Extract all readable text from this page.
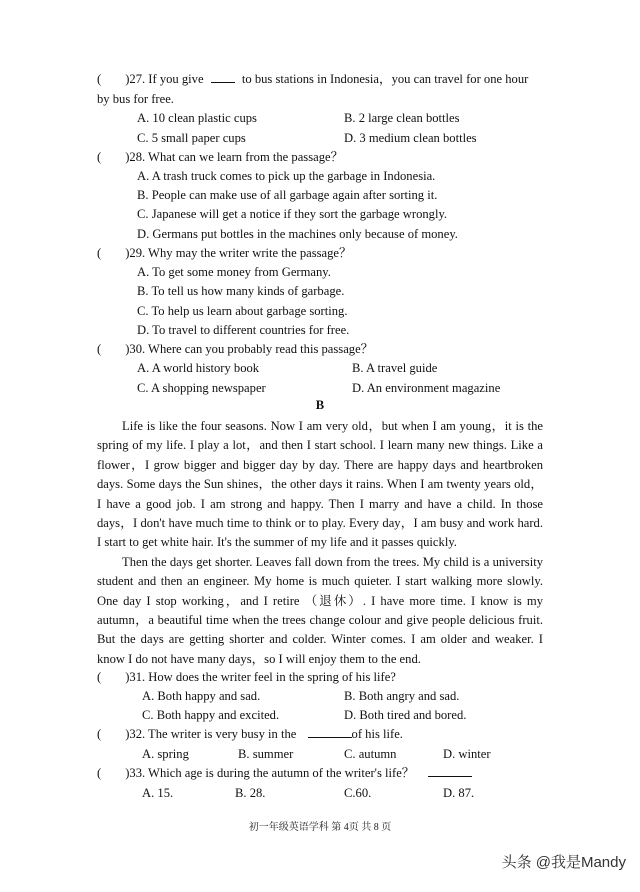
( )27. If you give	to bus stations in Indonesia，you can travel for one hour
by bus for free.
A. 10 clean plastic cups	B. 2 large clean bottles
C. 5 small paper cups	D. 3 medium clean bottles
( )28. What can we learn from the passage？
A. A trash truck comes to pick up the garbage in Indonesia.
B. People can make use of all garbage again after sorting it.
C. Japanese will get a notice if they sort the garbage wrongly.
D. Germans put bottles in the machines only because of money.
( )29. Why may the writer write the passage？
A. To get some money from Germany.
B. To tell us how many kinds of garbage.
C. To help us learn about garbage sorting.
D. To travel to different countries for free.
( )30. Where can you probably read this passage？
A. A world history book	B. A travel guide
C. A shopping newspaper	D. An environment magazine
B

Life is like the four seasons. Now I am very old，but when I am young，it is the spring of my life. I play a lot，and then I start school. I learn many new things. Like a flower，I grow bigger and bigger day by day. There are happy days and heartbroken days. Some days the Sun shines，the other days it rains. When I am twenty years old，I have a good job. I am strong and happy. Then I marry and have a child. In those days，I don't have much time to think or to play. Every day，I am busy and work hard. I start to get white hair. It's the summer of my life and it passes quickly.

Then the days get shorter. Leaves fall down from the trees. My child is a university student and then an engineer. My home is much quieter. I start walking more slowly. One day I stop working，and I retire （退休）. I have more time. I know is my autumn，a beautiful time when the trees change colour and give people delicious fruit. But the days are getting shorter and colder. Winter comes. I am older and weaker. I know I do not have many days，so I will enjoy them to the end.

( )31. How does the writer feel in the spring of his life?
A. Both happy and sad.	B. Both angry and sad.
C. Both happy and excited.	D. Both tired and bored.
( )32. The writer is very busy in the	of his life.
A. spring	B. summer	C. autumn	D. winter
( )33. Which age is during the autumn of the writer's life？
A. 15.	B. 28.	C.60.	D. 87.
初一年级英语学科 第 4页 共 8 页
头条 @我是Mandy
